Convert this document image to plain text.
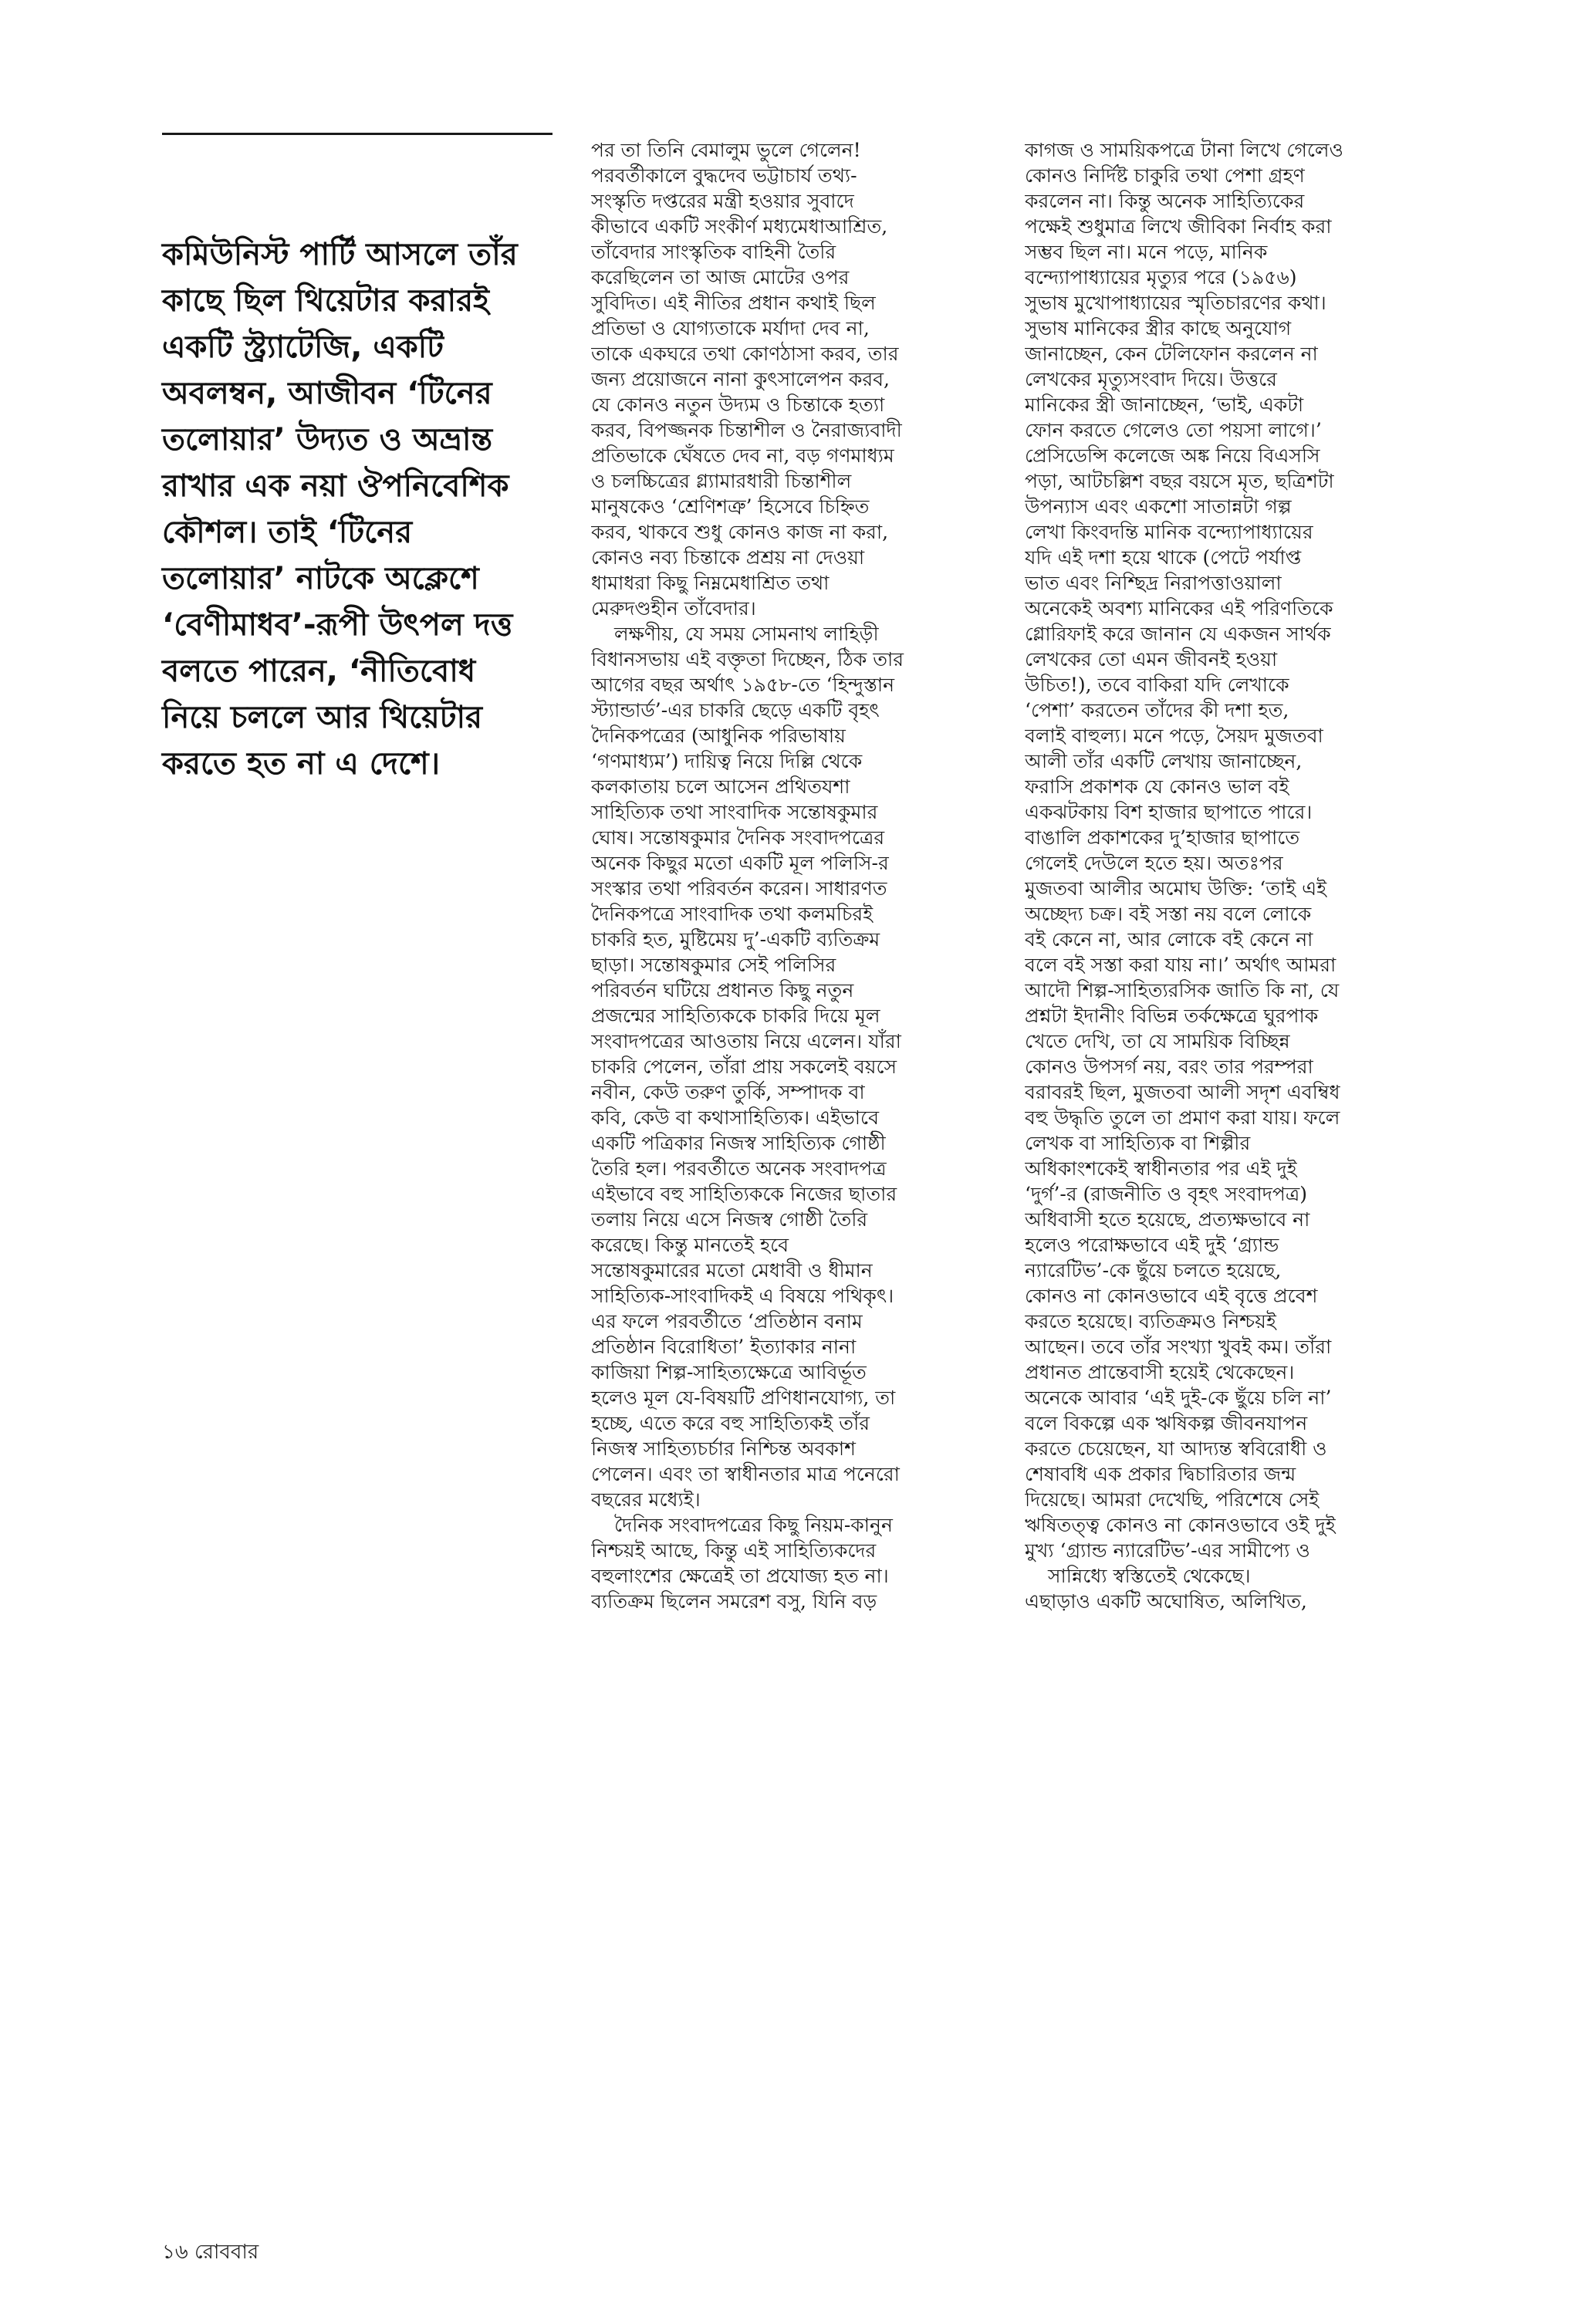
কমিউনিস্ট পার্টি আসলে তাঁর
কাছে ছিল থিয়েটার করারই
একটি স্ট্র্যাটেজি, একটি
অবলম্বন, আজীবন ‘টিনের
তলোয়ার’ উদ্যত ও অভ্রান্ত
রাখার এক নয়া ঔপনিবেশিক
কৌশল। তাই ‘টিনের
তলোয়ার’ নাটকে অক্লেশে
‘বেণীমাধব’-রূপী উৎপল দত্ত
বলতে পারেন, ‘নীতিবোধ
নিয়ে চললে আর থিয়েটার
করতে হত না এ দেশে।
পর তা তিনি বেমালুম ভুলে গেলেন!
পরবর্তীকালে বুদ্ধদেব ভট্টাচার্য তথ্য-
সংস্কৃতি দপ্তরের মন্ত্রী হওয়ার সুবাদে
কীভাবে একটি সংকীর্ণ মধ্যমেধাআশ্রিত,
তাঁবেদার সাংস্কৃতিক বাহিনী তৈরি
করেছিলেন তা আজ মোটের ওপর
সুবিদিত। এই নীতির প্রধান কথাই ছিল
প্রতিভা ও যোগ্যতাকে মর্যাদা দেব না,
তাকে একঘরে তথা কোণঠাসা করব, তার
জন্য প্রয়োজনে নানা কুৎসালেপন করব,
যে কোনও নতুন উদ্যম ও চিন্তাকে হত্যা
করব, বিপজ্জনক চিন্তাশীল ও নৈরাজ্যবাদী
প্রতিভাকে ঘেঁষতে দেব না, বড় গণমাধ্যম
ও চলচ্চিত্রের গ্ল্যামারধারী চিন্তাশীল
মানুষকেও ‘শ্রেণিশত্রু’ হিসেবে চিহ্নিত
করব, থাকবে শুধু কোনও কাজ না করা,
কোনও নব্য চিন্তাকে প্রশ্রয় না দেওয়া
ধামাধরা কিছু নিম্নমেধাশ্রিত তথা
মেরুদণ্ডহীন তাঁবেদার।
লক্ষণীয়, যে সময় সোমনাথ লাহিড়ী
বিধানসভায় এই বক্তৃতা দিচ্ছেন, ঠিক তার
আগের বছর অর্থাৎ ১৯৫৮-তে ‘হিন্দুস্তান
স্ট্যান্ডার্ড’-এর চাকরি ছেড়ে একটি বৃহৎ
দৈনিকপত্রের (আধুনিক পরিভাষায়
‘গণমাধ্যম’) দায়িত্ব নিয়ে দিল্লি থেকে
কলকাতায় চলে আসেন প্রথিতযশা
সাহিত্যিক তথা সাংবাদিক সন্তোষকুমার
ঘোষ। সন্তোষকুমার দৈনিক সংবাদপত্রের
অনেক কিছুর মতো একটি মূল পলিসি-র
সংস্কার তথা পরিবর্তন করেন। সাধারণত
দৈনিকপত্রে সাংবাদিক তথা কলমচিরই
চাকরি হত, মুষ্টিমেয় দু’-একটি ব্যতিক্রম
ছাড়া। সন্তোষকুমার সেই পলিসির
পরিবর্তন ঘটিয়ে প্রধানত কিছু নতুন
প্রজন্মের সাহিত্যিককে চাকরি দিয়ে মূল
সংবাদপত্রের আওতায় নিয়ে এলেন। যাঁরা
চাকরি পেলেন, তাঁরা প্রায় সকলেই বয়সে
নবীন, কেউ তরুণ তুর্কি, সম্পাদক বা
কবি, কেউ বা কথাসাহিত্যিক। এইভাবে
একটি পত্রিকার নিজস্ব সাহিত্যিক গোষ্ঠী
তৈরি হল। পরবর্তীতে অনেক সংবাদপত্র
এইভাবে বহু সাহিত্যিককে নিজের ছাতার
তলায় নিয়ে এসে নিজস্ব গোষ্ঠী তৈরি
করেছে। কিন্তু মানতেই হবে
সন্তোষকুমারের মতো মেধাবী ও ধীমান
সাহিত্যিক-সাংবাদিকই এ বিষয়ে পথিকৃৎ।
এর ফলে পরবর্তীতে ‘প্রতিষ্ঠান বনাম
প্রতিষ্ঠান বিরোধিতা’ ইত্যাকার নানা
কাজিয়া শিল্প-সাহিত্যক্ষেত্রে আবির্ভূত
হলেও মূল যে-বিষয়টি প্রণিধানযোগ্য, তা
হচ্ছে, এতে করে বহু সাহিত্যিকই তাঁর
নিজস্ব সাহিত্যচর্চার নিশ্চিন্ত অবকাশ
পেলেন। এবং তা স্বাধীনতার মাত্র পনেরো
বছরের মধ্যেই।
দৈনিক সংবাদপত্রের কিছু নিয়ম-কানুন
নিশ্চয়ই আছে, কিন্তু এই সাহিত্যিকদের
বহুলাংশের ক্ষেত্রেই তা প্রযোজ্য হত না।
ব্যতিক্রম ছিলেন সমরেশ বসু, যিনি বড়
কাগজ ও সাময়িকপত্রে টানা লিখে গেলেও
কোনও নির্দিষ্ট চাকুরি তথা পেশা গ্রহণ
করলেন না। কিন্তু অনেক সাহিত্যিকের
পক্ষেই শুধুমাত্র লিখে জীবিকা নির্বাহ করা
সম্ভব ছিল না। মনে পড়ে, মানিক
বন্দ্যোপাধ্যায়ের মৃত্যুর পরে (১৯৫৬)
সুভাষ মুখোপাধ্যায়ের স্মৃতিচারণের কথা।
সুভাষ মানিকের স্ত্রীর কাছে অনুযোগ
জানাচ্ছেন, কেন টেলিফোন করলেন না
লেখকের মৃত্যুসংবাদ দিয়ে। উত্তরে
মানিকের স্ত্রী জানাচ্ছেন, ‘ভাই, একটা
ফোন করতে গেলেও তো পয়সা লাগে।’
প্রেসিডেন্সি কলেজে অঙ্ক নিয়ে বিএসসি
পড়া, আটচল্লিশ বছর বয়সে মৃত, ছত্রিশটা
উপন্যাস এবং একশো সাতান্নটা গল্প
লেখা কিংবদন্তি মানিক বন্দ্যোপাধ্যায়ের
যদি এই দশা হয়ে থাকে (পেটে পর্যাপ্ত
ভাত এবং নিশ্ছিদ্র নিরাপত্তাওয়ালা
অনেকেই অবশ্য মানিকের এই পরিণতিকে
গ্লোরিফাই করে জানান যে একজন সার্থক
লেখকের তো এমন জীবনই হওয়া
উচিত!), তবে বাকিরা যদি লেখাকে
‘পেশা’ করতেন তাঁদের কী দশা হত,
বলাই বাহুল্য। মনে পড়ে, সৈয়দ মুজতবা
আলী তাঁর একটি লেখায় জানাচ্ছেন,
ফরাসি প্রকাশক যে কোনও ভাল বই
একঝটকায় বিশ হাজার ছাপাতে পারে।
বাঙালি প্রকাশকের দু’হাজার ছাপাতে
গেলেই দেউলে হতে হয়। অতঃপর
মুজতবা আলীর অমোঘ উক্তি: ‘তাই এই
অচ্ছেদ্য চক্র। বই সস্তা নয় বলে লোকে
বই কেনে না, আর লোকে বই কেনে না
বলে বই সস্তা করা যায় না।’ অর্থাৎ আমরা
আদৌ শিল্প-সাহিত্যরসিক জাতি কি না, যে
প্রশ্নটা ইদানীং বিভিন্ন তর্কক্ষেত্রে ঘুরপাক
খেতে দেখি, তা যে সাময়িক বিচ্ছিন্ন
কোনও উপসর্গ নয়, বরং তার পরম্পরা
বরাবরই ছিল, মুজতবা আলী সদৃশ এবম্বিধ
বহু উদ্ধৃতি তুলে তা প্রমাণ করা যায়। ফলে
লেখক বা সাহিত্যিক বা শিল্পীর
অধিকাংশকেই স্বাধীনতার পর এই দুই
‘দুর্গ’-র (রাজনীতি ও বৃহৎ সংবাদপত্র)
অধিবাসী হতে হয়েছে, প্রত্যক্ষভাবে না
হলেও পরোক্ষভাবে এই দুই ‘গ্র্যান্ড
ন্যারেটিভ’-কে ছুঁয়ে চলতে হয়েছে,
কোনও না কোনওভাবে এই বৃত্তে প্রবেশ
করতে হয়েছে। ব্যতিক্রমও নিশ্চয়ই
আছেন। তবে তাঁর সংখ্যা খুবই কম। তাঁরা
প্রধানত প্রান্তেবাসী হয়েই থেকেছেন।
অনেকে আবার ‘এই দুই-কে ছুঁয়ে চলি না’
বলে বিকল্পে এক ঋষিকল্প জীবনযাপন
করতে চেয়েছেন, যা আদ্যন্ত স্ববিরোধী ও
শেষাবধি এক প্রকার দ্বিচারিতার জন্ম
দিয়েছে। আমরা দেখেছি, পরিশেষে সেই
ঋষিতত্ত্ব কোনও না কোনওভাবে ওই দুই
মুখ্য ‘গ্র্যান্ড ন্যারেটিভ’-এর সামীপ্যে ও
সান্নিধ্যে স্বস্তিতেই থেকেছে।
এছাড়াও একটি অঘোষিত, অলিখিত,
১৬ রোববার
